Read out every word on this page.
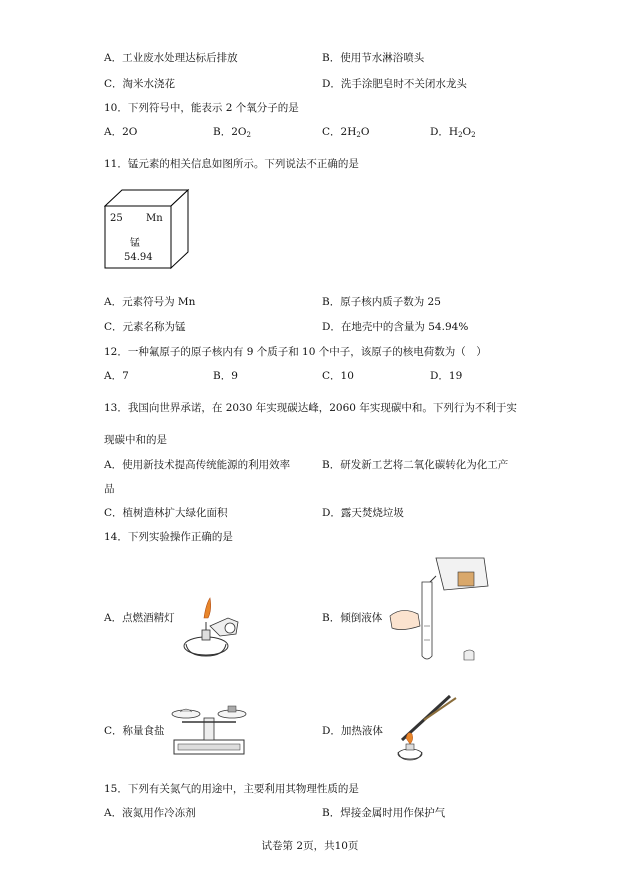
A．工业废水处理达标后排放	B．使用节水淋浴喷头
C．淘米水浇花	D．洗手涂肥皂时不关闭水龙头
10．下列符号中，能表示 2 个氧分子的是
A．2O	B．2O2	C．2H2O	D．H2O2
11．锰元素的相关信息如图所示。下列说法不正确的是
25 Mn
锰
54.94
A．元素符号为 Mn	B．原子核内质子数为 25
C．元素名称为锰	D．在地壳中的含量为 54.94%
12．一种氟原子的原子核内有 9 个质子和 10 个中子，该原子的核电荷数为（　）
A．7	B．9	C．10	D．19
13．我国向世界承诺，在 2030 年实现碳达峰，2060 年实现碳中和。下列行为不利于实
现碳中和的是
A．使用新技术提高传统能源的利用效率	B．研发新工艺将二氧化碳转化为化工产
品
C．植树造林扩大绿化面积	D．露天焚烧垃圾
14．下列实验操作正确的是
A．点燃酒精灯	B．倾倒液体
C．称量食盐	D．加热液体
15．下列有关氮气的用途中，主要利用其物理性质的是
A．液氮用作冷冻剂	B．焊接金属时用作保护气
试卷第 2页，共10页
